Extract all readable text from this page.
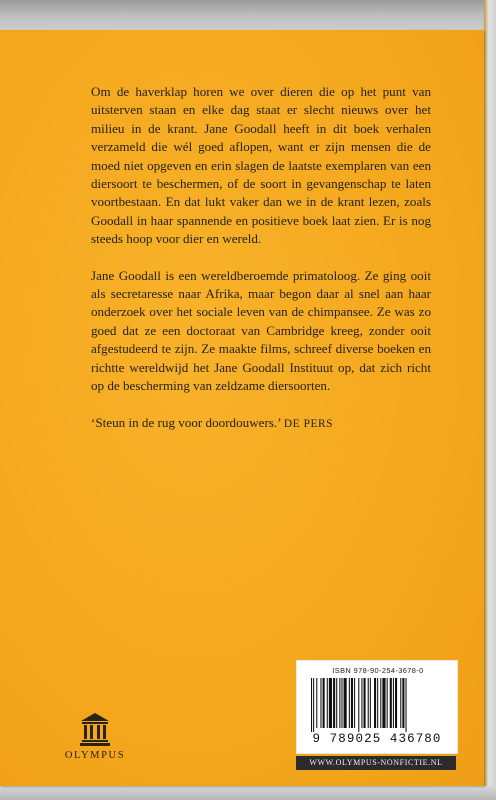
Om de haverklap horen we over dieren die op het punt van uitsterven staan en elke dag staat er slecht nieuws over het milieu in de krant. Jane Goodall heeft in dit boek verhalen verzameld die wél goed aflopen, want er zijn mensen die de moed niet opgeven en erin slagen de laatste exemplaren van een diersoort te beschermen, of de soort in gevangenschap te laten voortbestaan. En dat lukt vaker dan we in de krant lezen, zoals Goodall in haar spannende en positieve boek laat zien. Er is nog steeds hoop voor dier en wereld.

Jane Goodall is een wereldberoemde primatoloog. Ze ging ooit als secretaresse naar Afrika, maar begon daar al snel aan haar onderzoek over het sociale leven van de chimpansee. Ze was zo goed dat ze een doctoraat van Cambridge kreeg, zonder ooit afgestudeerd te zijn. Ze maakte films, schreef diverse boeken en richtte wereldwijd het Jane Goodall Instituut op, dat zich richt op de bescherming van zeldzame diersoorten.

‘Steun in de rug voor doordouwers.’ DE PERS

OLYMPUS
ISBN 978-90-254-3678-0
9 789025 436780
WWW.OLYMPUS-NONFICTIE.NL
